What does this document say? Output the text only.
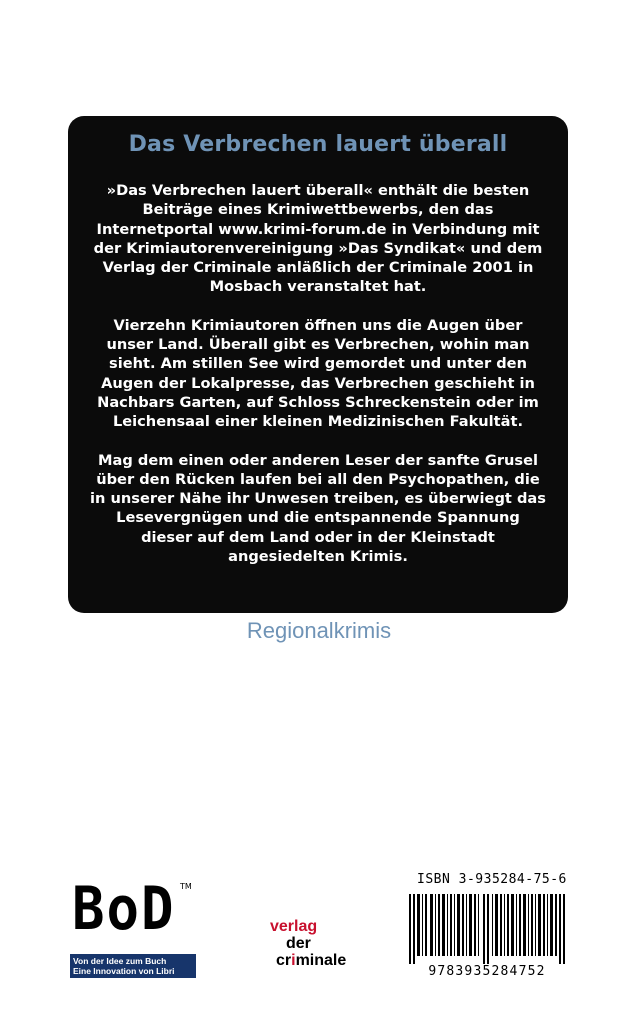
Das Verbrechen lauert überall

»Das Verbrechen lauert überall« enthält die besten Beiträge eines Krimiwettbewerbs, den das Internetportal www.krimi-forum.de in Verbindung mit der Krimiautorenvereinigung »Das Syndikat« und dem Verlag der Criminale anläßlich der Criminale 2001 in Mosbach veranstaltet hat.

Vierzehn Krimiautoren öffnen uns die Augen über unser Land. Überall gibt es Verbrechen, wohin man sieht. Am stillen See wird gemordet und unter den Augen der Lokalpresse, das Verbrechen geschieht in Nachbars Garten, auf Schloss Schreckenstein oder im Leichensaal einer kleinen Medizinischen Fakultät.

Mag dem einen oder anderen Leser der sanfte Grusel über den Rücken laufen bei all den Psychopathen, die in unserer Nähe ihr Unwesen treiben, es überwiegt das Lesevergnügen und die entspannende Spannung dieser auf dem Land oder in der Kleinstadt angesiedelten Krimis.

Regionalkrimis
BoD TM
Von der Idee zum Buch
Eine Innovation von Libri
verlag
der
criminale
ISBN 3-935284-75-6
9783935284752
